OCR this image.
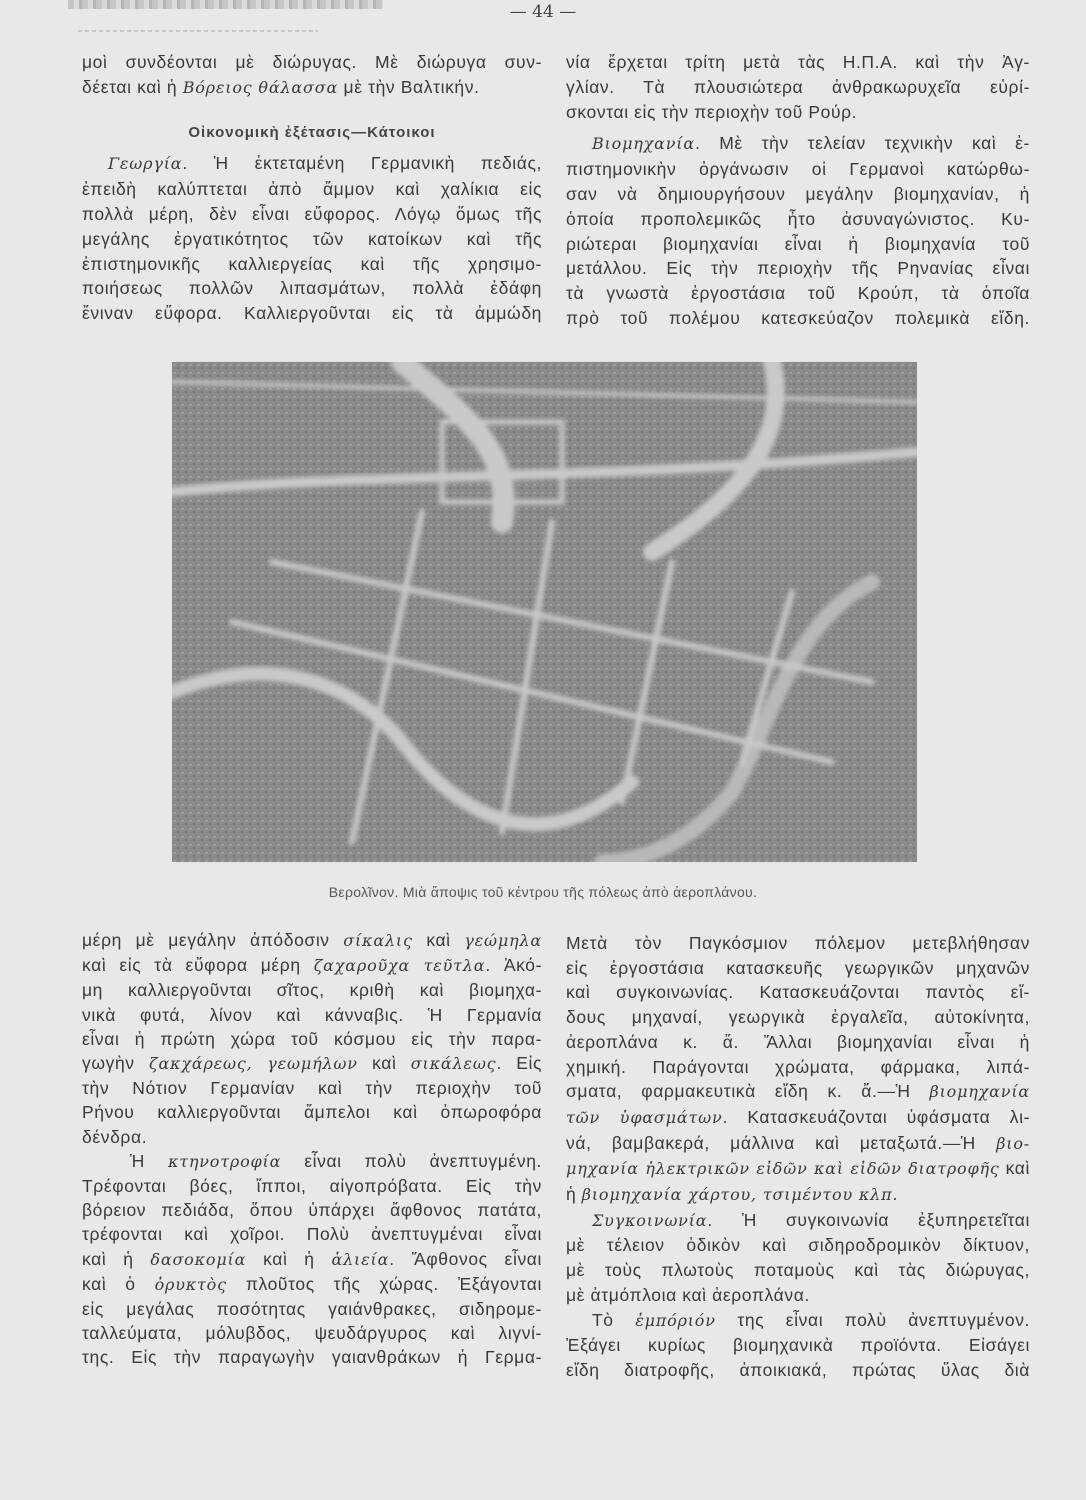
— 44 —
μοὶ συνδέονται μὲ διώρυγας. Μὲ διώρυγα συν-
δέεται καὶ ἡ Βόρειος θάλασσα μὲ τὴν Βαλτικήν.
Οἰκονομικὴ ἐξέτασις—Κάτοικοι
Γεωργία. Ἡ ἐκτεταμένη Γερμανικὴ πεδιάς,
ἐπειδὴ καλύπτεται ἀπὸ ἄμμον καὶ χαλίκια εἰς
πολλὰ μέρη, δὲν εἶναι εὔφορος. Λόγῳ ὅμως τῆς
μεγάλης ἐργατικότητος τῶν κατοίκων καὶ τῆς
ἐπιστημονικῆς καλλιεργείας καὶ τῆς χρησιμο-
ποιήσεως πολλῶν λιπασμάτων, πολλὰ ἐδάφη
ἔνιναν εὔφορα. Καλλιεργοῦνται εἰς τὰ ἀμμώδη
νία ἔρχεται τρίτη μετὰ τὰς Η.Π.Α. καὶ τὴν Ἀγ-
γλίαν. Τὰ πλουσιώτερα ἀνθρακωρυχεῖα εὑρί-
σκονται εἰς τὴν περιοχὴν τοῦ Ρούρ.
Βιομηχανία. Μὲ τὴν τελείαν τεχνικὴν καὶ ἐ-
πιστημονικὴν ὀργάνωσιν οἱ Γερμανοὶ κατώρθω-
σαν νὰ δημιουργήσουν μεγάλην βιομηχανίαν, ἡ
ὁποία προπολεμικῶς ἦτο ἀσυναγώνιστος. Κυ-
ριώτεραι βιομηχανίαι εἶναι ἡ βιομηχανία τοῦ
μετάλλου. Εἰς τὴν περιοχὴν τῆς Ρηνανίας εἶναι
τὰ γνωστὰ ἐργοστάσια τοῦ Κρούπ, τὰ ὁποῖα
πρὸ τοῦ πολέμου κατεσκεύαζον πολεμικὰ εἴδη.
Βερολῖνον. Μιὰ ἄποψις τοῦ κέντρου τῆς πόλεως ἀπὸ ἀεροπλάνου.
μέρη μὲ μεγάλην ἀπόδοσιν σίκαλις καὶ γεώμηλα
καὶ εἰς τὰ εὔφορα μέρη ζαχαροῦχα τεῦτλα. Ἀκό-
μη καλλιεργοῦνται σῖτος, κριθὴ καὶ βιομηχα-
νικὰ φυτά, λίνον καὶ κάνναβις. Ἡ Γερμανία
εἶναι ἡ πρώτη χώρα τοῦ κόσμου εἰς τὴν παρα-
γωγὴν ζακχάρεως, γεωμήλων καὶ σικάλεως. Εἰς
τὴν Νότιον Γερμανίαν καὶ τὴν περιοχὴν τοῦ
Ρήνου καλλιεργοῦνται ἄμπελοι καὶ ὀπωροφόρα
δένδρα.
Ἡ κτηνοτροφία εἶναι πολὺ ἀνεπτυγμένη.
Τρέφονται βόες, ἵπποι, αἰγοπρόβατα. Εἰς τὴν
βόρειον πεδιάδα, ὅπου ὑπάρχει ἄφθονος πατάτα,
τρέφονται καὶ χοῖροι. Πολὺ ἀνεπτυγμέναι εἶναι
καὶ ἡ δασοκομία καὶ ἡ ἁλιεία. Ἄφθονος εἶναι
καὶ ὁ ὀρυκτὸς πλοῦτος τῆς χώρας. Ἐξάγονται
εἰς μεγάλας ποσότητας γαιάνθρακες, σιδηρομε-
ταλλεύματα, μόλυβδος, ψευδάργυρος καὶ λιγνί-
της. Εἰς τὴν παραγωγὴν γαιανθράκων ἡ Γερμα-
Μετὰ τὸν Παγκόσμιον πόλεμον μετεβλήθησαν
εἰς ἐργοστάσια κατασκευῆς γεωργικῶν μηχανῶν
καὶ συγκοινωνίας. Κατασκευάζονται παντὸς εἴ-
δους μηχαναί, γεωργικὰ ἐργαλεῖα, αὐτοκίνητα,
ἀεροπλάνα κ. ἄ. Ἄλλαι βιομηχανίαι εἶναι ἡ
χημική. Παράγονται χρώματα, φάρμακα, λιπά-
σματα, φαρμακευτικὰ εἴδη κ. ἄ.—Ἡ βιομηχανία
τῶν ὑφασμάτων. Κατασκευάζονται ὑφάσματα λι-
νά, βαμβακερά, μάλλινα καὶ μεταξωτά.—Ἡ βιο-
μηχανία ἠλεκτρικῶν εἰδῶν καὶ εἰδῶν διατροφῆς καὶ
ἡ βιομηχανία χάρτου, τσιμέντου κλπ.
Συγκοινωνία. Ἡ συγκοινωνία ἐξυπηρετεῖται
μὲ τέλειον ὁδικὸν καὶ σιδηροδρομικὸν δίκτυον,
μὲ τοὺς πλωτοὺς ποταμοὺς καὶ τὰς διώρυγας,
μὲ ἀτμόπλοια καὶ ἀεροπλάνα.
Τὸ ἐμπόριόν της εἶναι πολὺ ἀνεπτυγμένον.
Ἐξάγει κυρίως βιομηχανικὰ προϊόντα. Εἰσάγει
εἴδη διατροφῆς, ἀποικιακά, πρώτας ὕλας διὰ
